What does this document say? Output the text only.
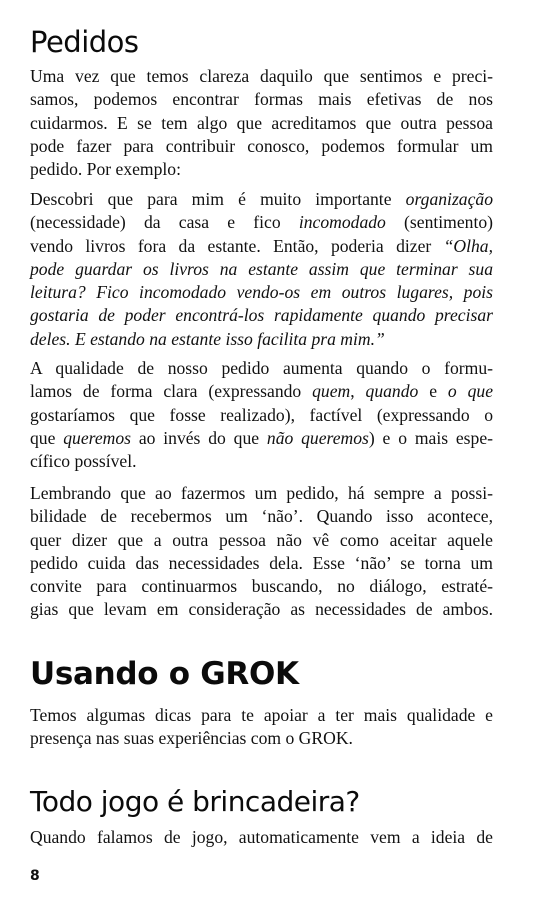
Pedidos

Uma vez que temos clareza daquilo que sentimos e preci-
samos, podemos encontrar formas mais efetivas de nos
cuidarmos. E se tem algo que acreditamos que outra pessoa
pode fazer para contribuir conosco, podemos formular um
pedido. Por exemplo:

Descobri que para mim é muito importante organização
(necessidade) da casa e fico incomodado (sentimento)
vendo livros fora da estante. Então, poderia dizer “Olha,
pode guardar os livros na estante assim que terminar sua
leitura? Fico incomodado vendo-os em outros lugares, pois
gostaria de poder encontrá-los rapidamente quando precisar
deles. E estando na estante isso facilita pra mim.”

A qualidade de nosso pedido aumenta quando o formu-
lamos de forma clara (expressando quem, quando e o que
gostaríamos que fosse realizado), factível (expressando o
que queremos ao invés do que não queremos) e o mais espe-
cífico possível.

Lembrando que ao fazermos um pedido, há sempre a possi-
bilidade de recebermos um ‘não’. Quando isso acontece,
quer dizer que a outra pessoa não vê como aceitar aquele
pedido cuida das necessidades dela. Esse ‘não’ se torna um
convite para continuarmos buscando, no diálogo, estraté-
gias que levam em consideração as necessidades de ambos.

Usando o GROK

Temos algumas dicas para te apoiar a ter mais qualidade e
presença nas suas experiências com o GROK.

Todo jogo é brincadeira?

Quando falamos de jogo, automaticamente vem a ideia de

8
